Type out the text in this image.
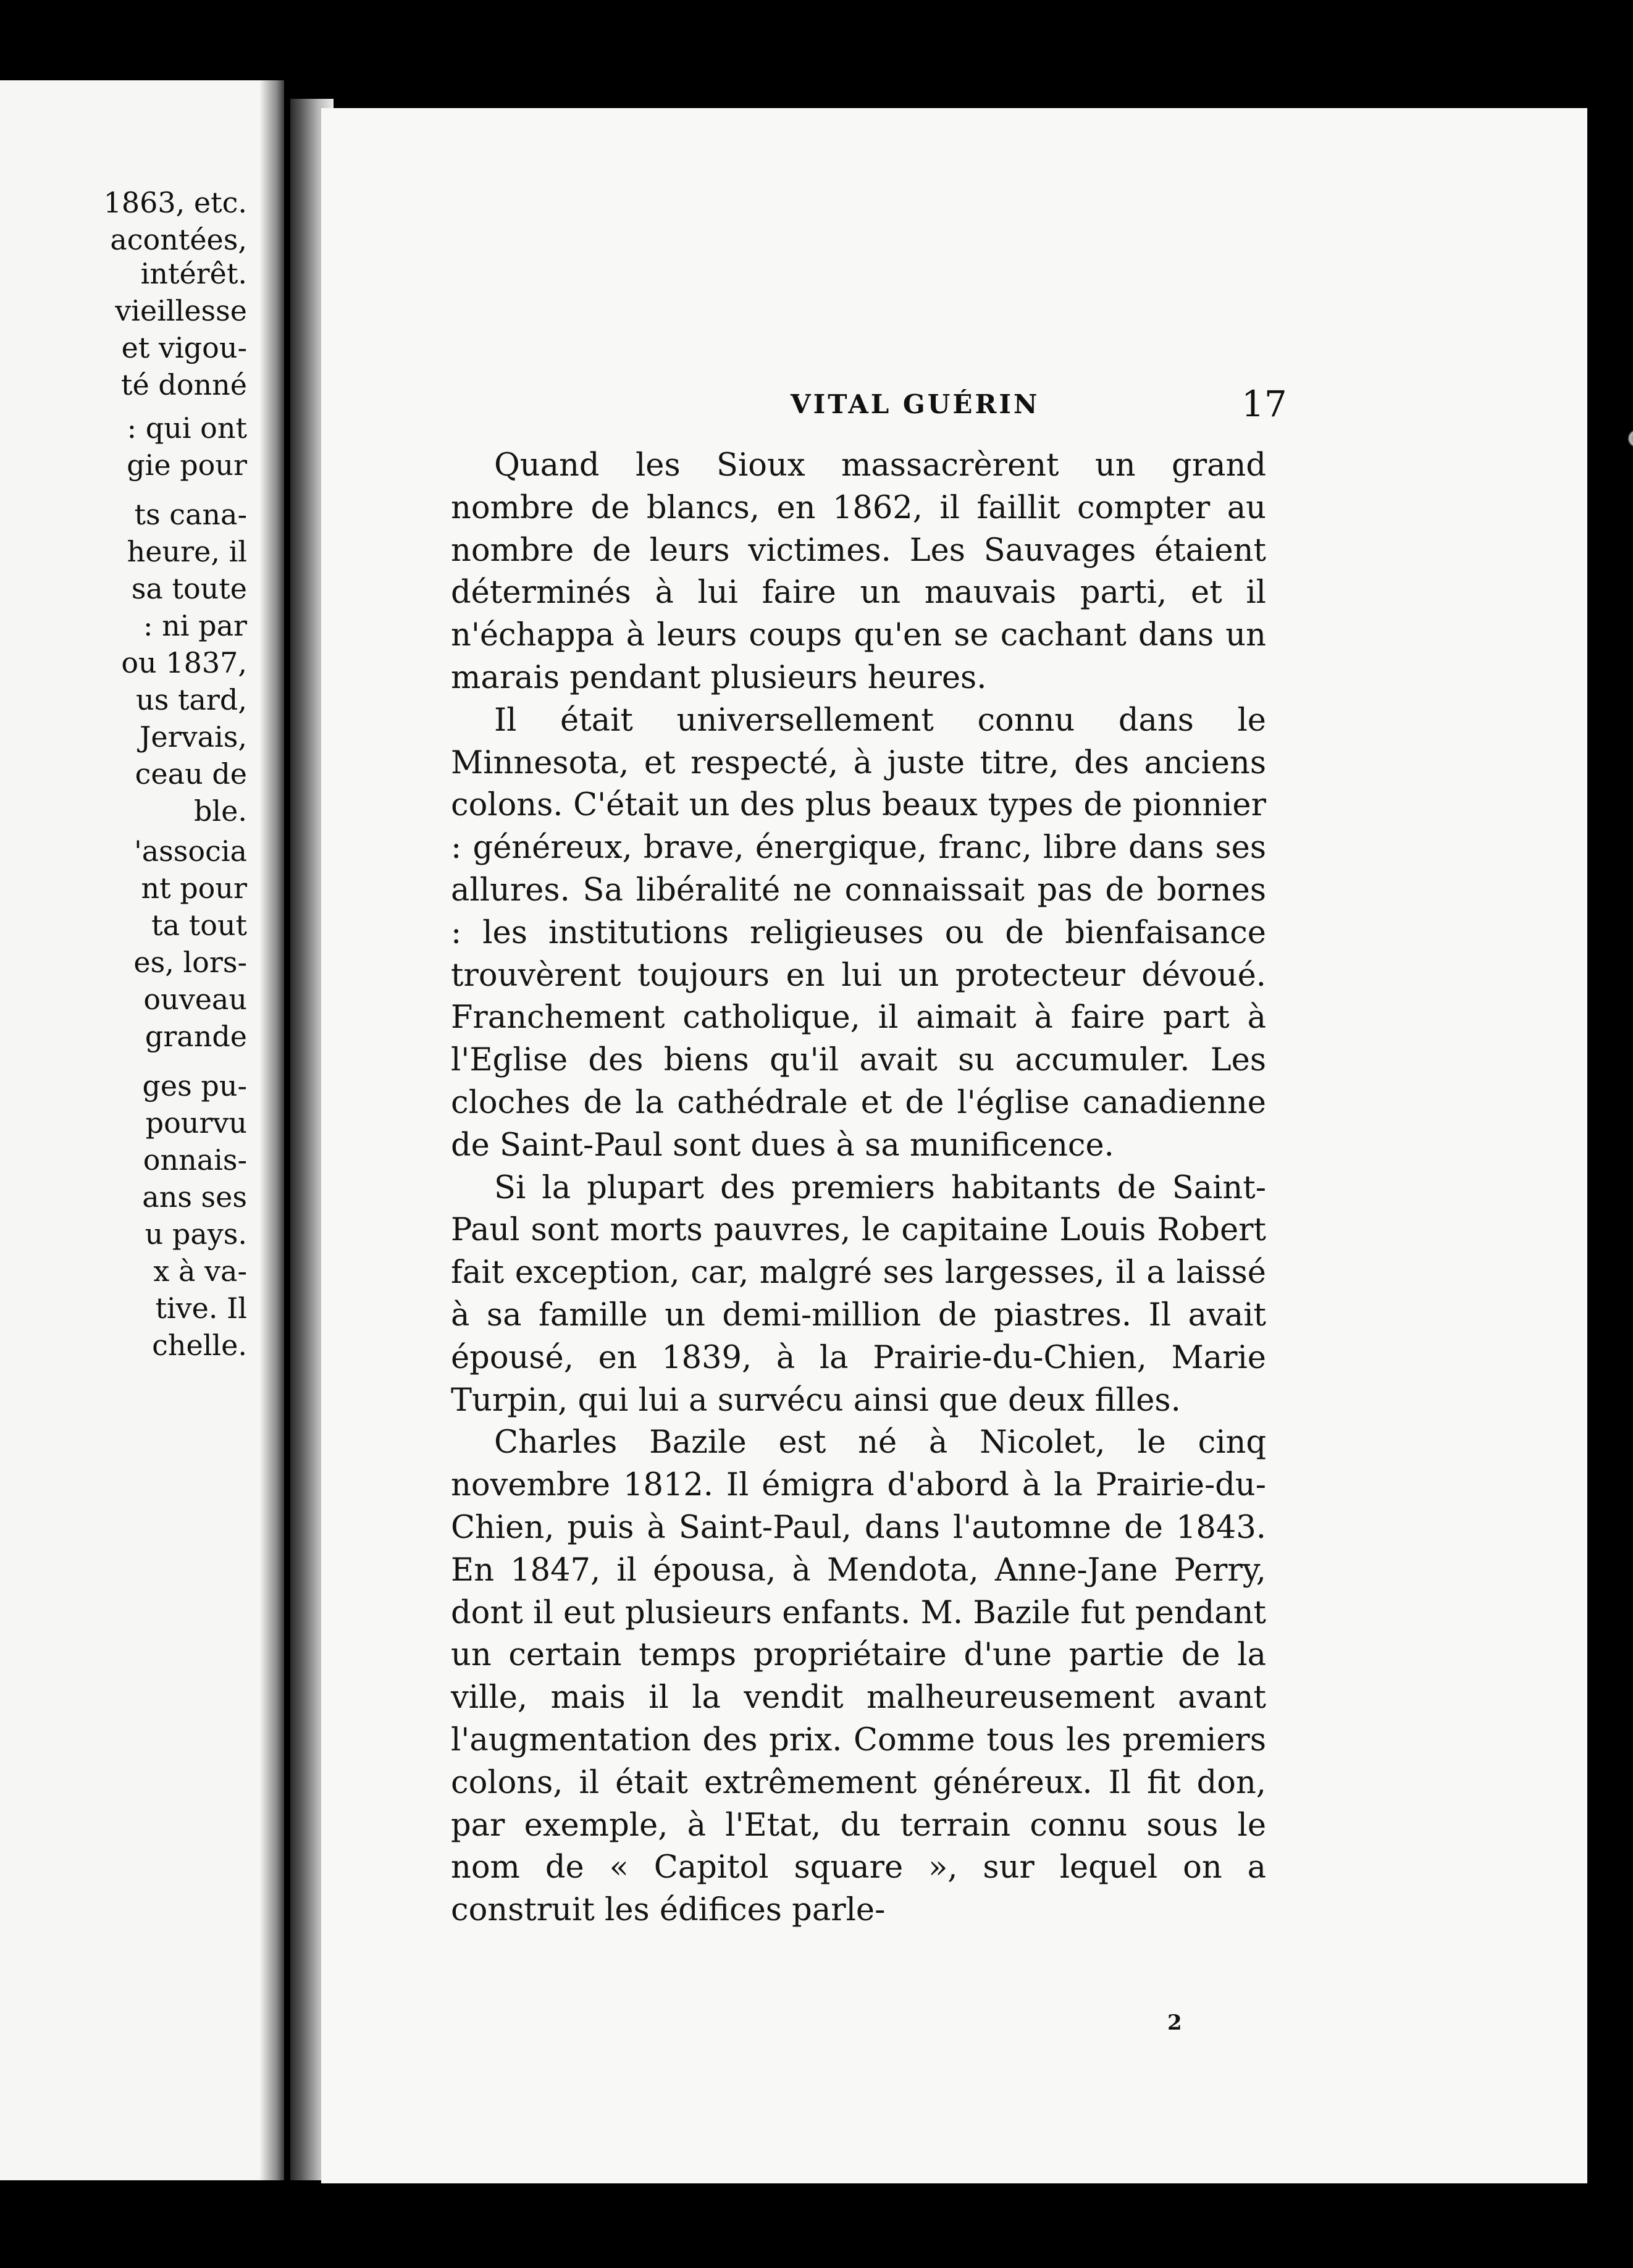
1863, etc.
acontées,
intérêt.
vieillesse
et vigou-
té donné
: qui ont
gie pour
ts cana-
heure, il
sa toute
: ni par
ou 1837,
us tard,
Jervais,
ceau de
ble.
'associa
nt pour
ta tout
es, lors-
ouveau
grande
ges pu-
pourvu
onnais-
ans ses
u pays.
x à va-
tive. Il
chelle.
VITAL GUÉRIN	17

Quand les Sioux massacrèrent un grand nombre de blancs, en 1862, il faillit compter au nombre de leurs victimes. Les Sauvages étaient déterminés à lui faire un mauvais parti, et il n'échappa à leurs coups qu'en se cachant dans un marais pendant plusieurs heures.

Il était universellement connu dans le Minnesota, et respecté, à juste titre, des anciens colons. C'était un des plus beaux types de pionnier : généreux, brave, énergique, franc, libre dans ses allures. Sa libéralité ne connaissait pas de bornes : les institutions religieuses ou de bienfaisance trouvèrent toujours en lui un protecteur dévoué. Franchement catholique, il aimait à faire part à l'Eglise des biens qu'il avait su accumuler. Les cloches de la cathédrale et de l'église canadienne de Saint-Paul sont dues à sa munificence.

Si la plupart des premiers habitants de Saint-Paul sont morts pauvres, le capitaine Louis Robert fait exception, car, malgré ses largesses, il a laissé à sa famille un demi-million de piastres. Il avait épousé, en 1839, à la Prairie-du-Chien, Marie Turpin, qui lui a survécu ainsi que deux filles.

Charles Bazile est né à Nicolet, le cinq novembre 1812. Il émigra d'abord à la Prairie-du-Chien, puis à Saint-Paul, dans l'automne de 1843. En 1847, il épousa, à Mendota, Anne-Jane Perry, dont il eut plusieurs enfants. M. Bazile fut pendant un certain temps propriétaire d'une partie de la ville, mais il la vendit malheureusement avant l'augmentation des prix. Comme tous les premiers colons, il était extrêmement généreux. Il fit don, par exemple, à l'Etat, du terrain connu sous le nom de « Capitol square », sur lequel on a construit les édifices parle-

2
